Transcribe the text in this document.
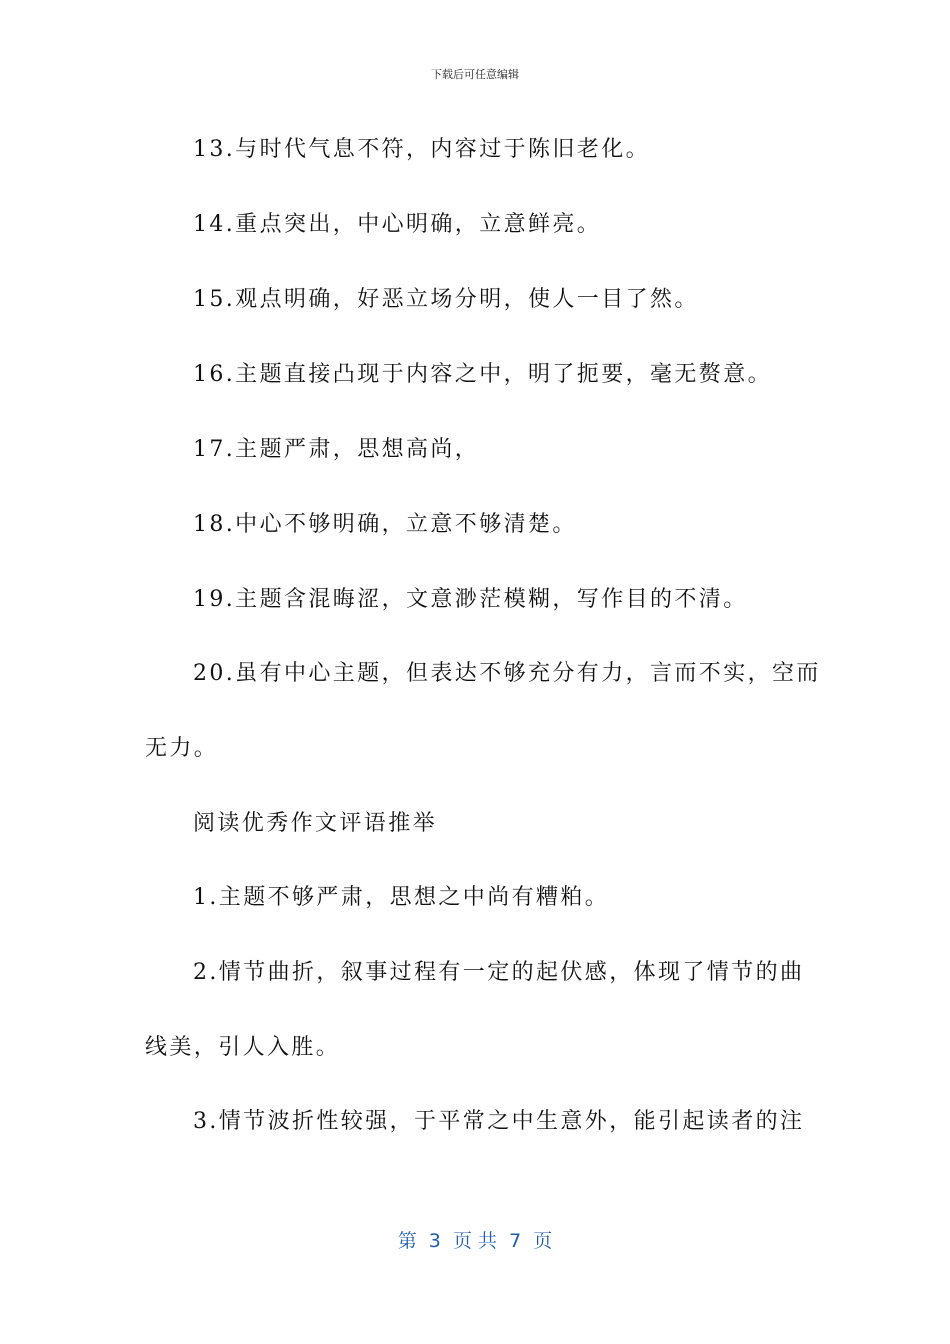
下载后可任意编辑
13.与时代气息不符，内容过于陈旧老化。
14.重点突出，中心明确，立意鲜亮。
15.观点明确，好恶立场分明，使人一目了然。
16.主题直接凸现于内容之中，明了扼要，毫无赘意。
17.主题严肃，思想高尚，
18.中心不够明确，立意不够清楚。
19.主题含混晦涩，文意渺茫模糊，写作目的不清。
20.虽有中心主题，但表达不够充分有力，言而不实，空而
无力。
阅读优秀作文评语推举
1.主题不够严肃，思想之中尚有糟粕。
2.情节曲折，叙事过程有一定的起伏感，体现了情节的曲
线美，引人入胜。
3.情节波折性较强，于平常之中生意外，能引起读者的注
第  3  页 共  7  页
